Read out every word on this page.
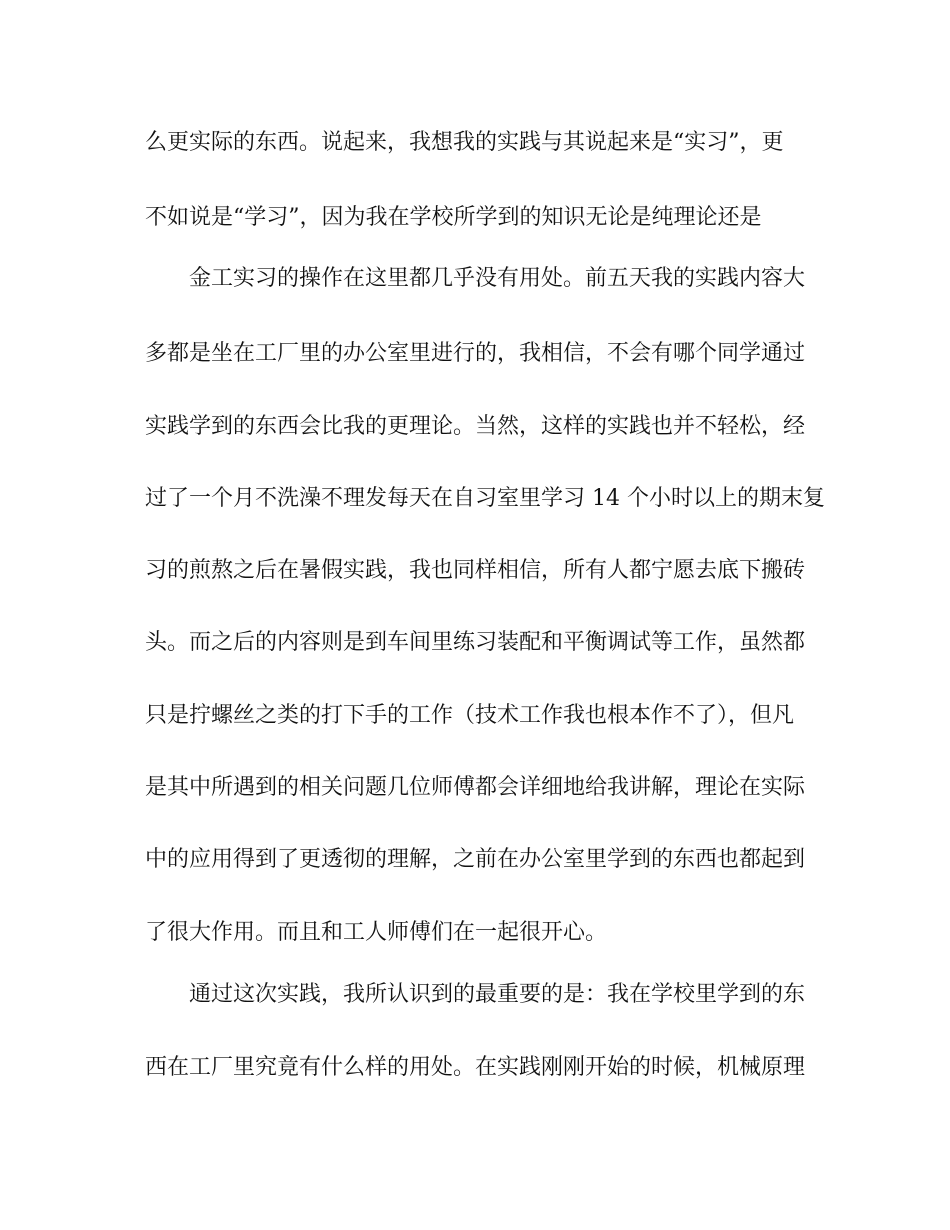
么更实际的东西。说起来，我想我的实践与其说起来是“实习”，更
不如说是“学习”，因为我在学校所学到的知识无论是纯理论还是
金工实习的操作在这里都几乎没有用处。前五天我的实践内容大
多都是坐在工厂里的办公室里进行的，我相信，不会有哪个同学通过
实践学到的东西会比我的更理论。当然，这样的实践也并不轻松，经
过了一个月不洗澡不理发每天在自习室里学习 14 个小时以上的期末复
习的煎熬之后在暑假实践，我也同样相信，所有人都宁愿去底下搬砖
头。而之后的内容则是到车间里练习装配和平衡调试等工作，虽然都
只是拧螺丝之类的打下手的工作（技术工作我也根本作不了），但凡
是其中所遇到的相关问题几位师傅都会详细地给我讲解，理论在实际
中的应用得到了更透彻的理解，之前在办公室里学到的东西也都起到
了很大作用。而且和工人师傅们在一起很开心。
通过这次实践，我所认识到的最重要的是：我在学校里学到的东
西在工厂里究竟有什么样的用处。在实践刚刚开始的时候，机械原理
